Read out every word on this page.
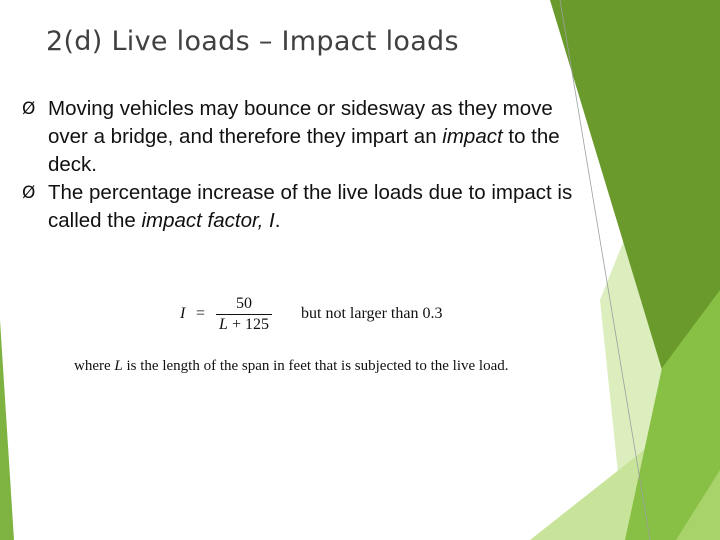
2(d) Live loads – Impact loads
Ø Moving vehicles may bounce or sidesway as they move over a bridge, and therefore they impart an impact to the deck.
Ø The percentage increase of the live loads due to impact is called the impact factor, I.
I =
50
L + 125
but not larger than 0.3

where L is the length of the span in feet that is subjected to the live load.
